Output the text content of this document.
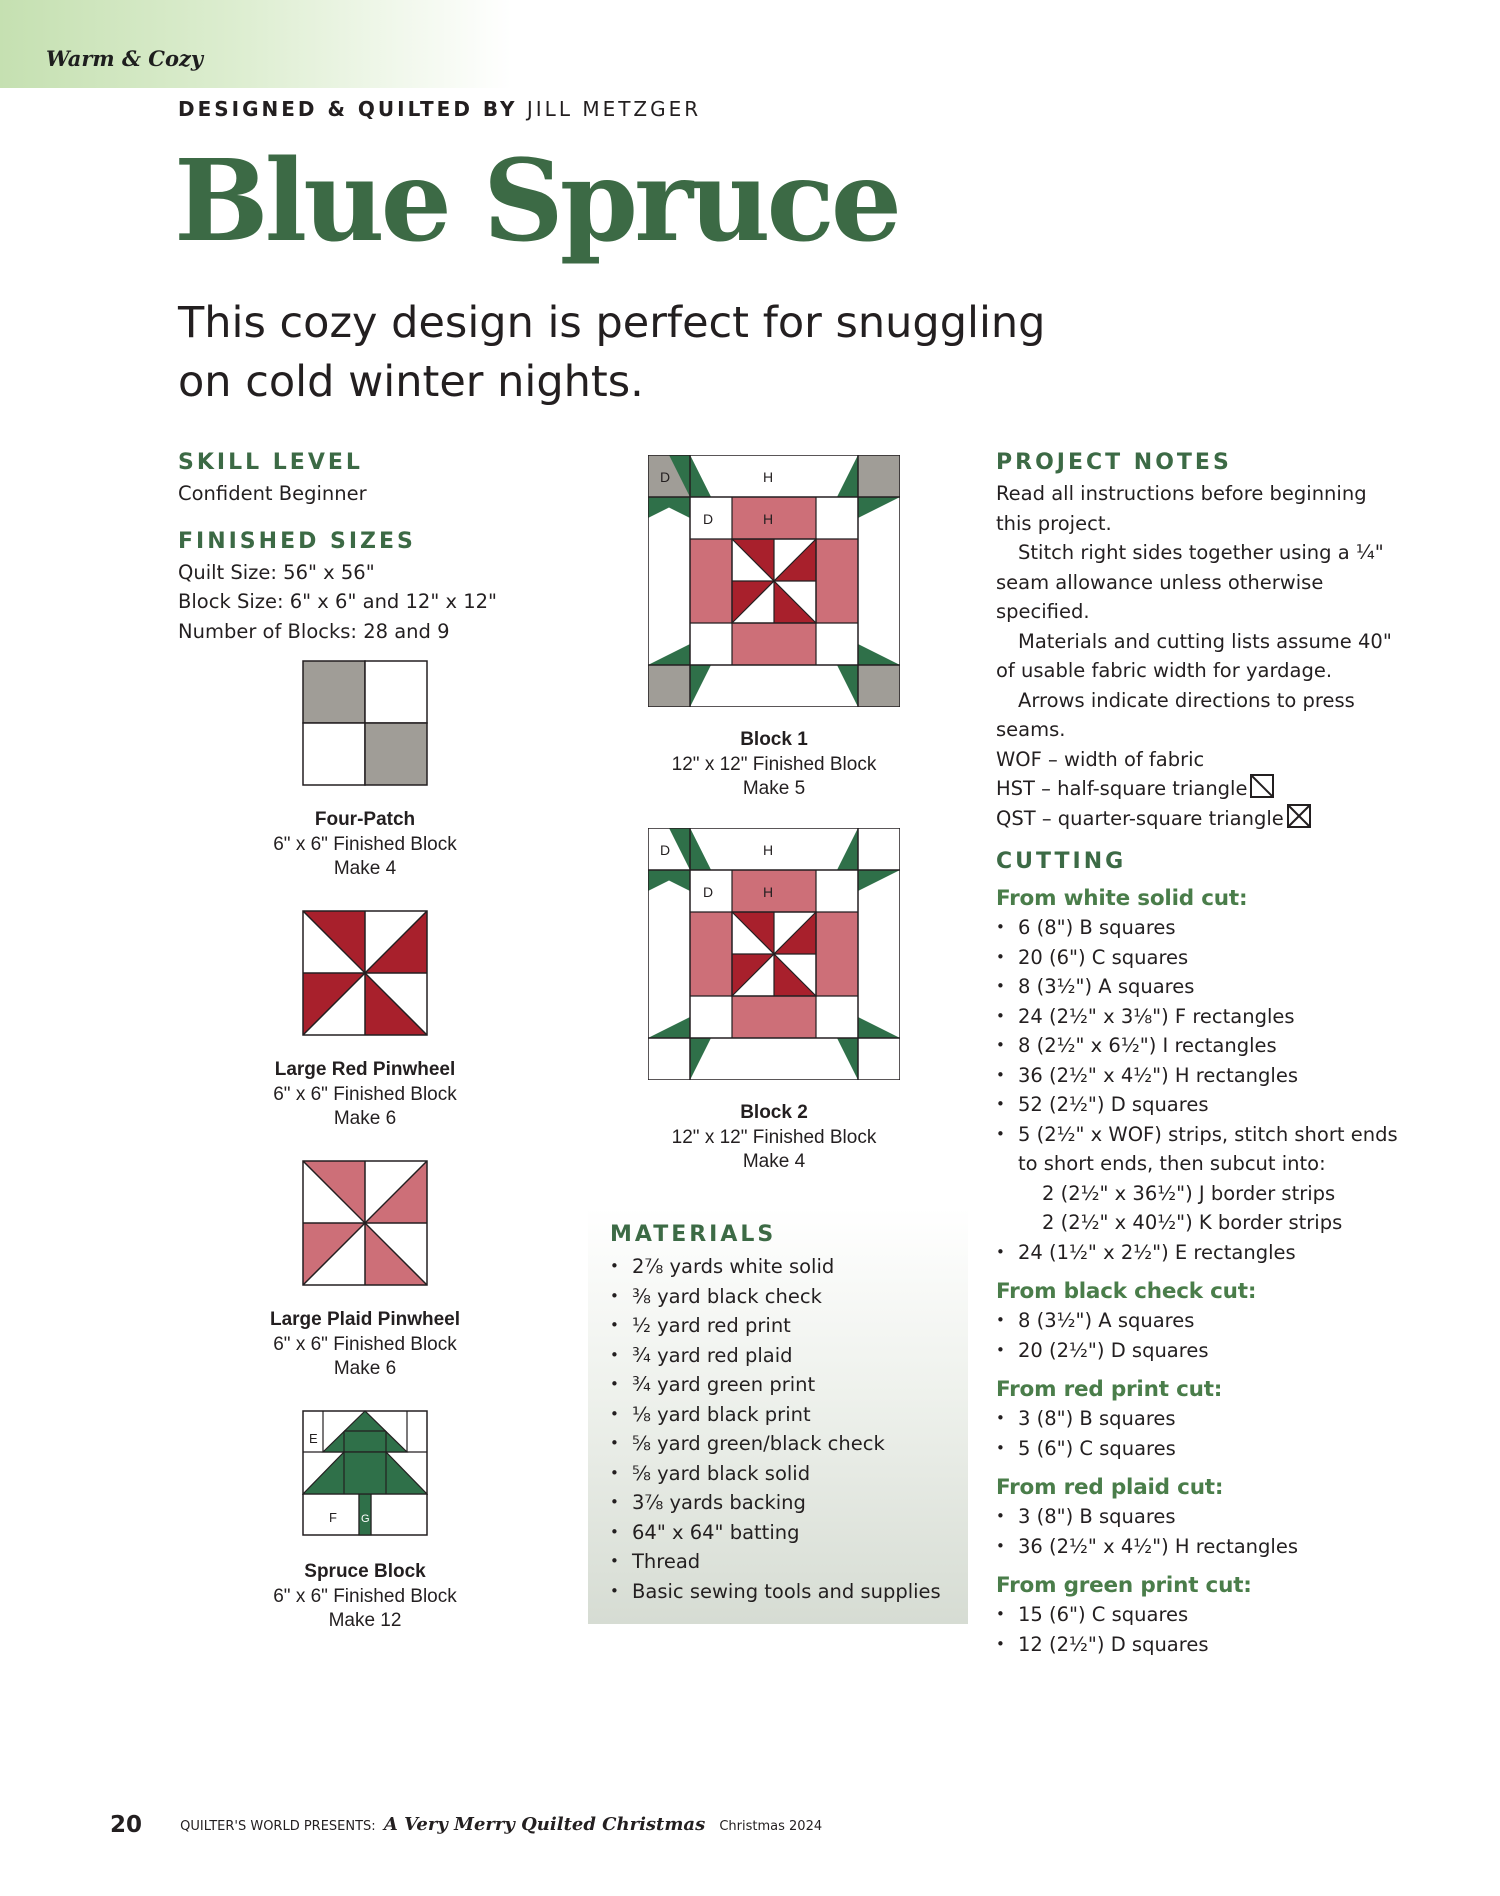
Warm & Cozy
DESIGNED & QUILTED BY JILL METZGER
Blue Spruce
This cozy design is perfect for snuggling on cold winter nights.
SKILL LEVEL
Confident Beginner
FINISHED SIZES
Quilt Size: 56" x 56"
Block Size: 6" x 6" and 12" x 12"
Number of Blocks: 28 and 9
Four-Patch
6" x 6" Finished Block
Make 4
Large Red Pinwheel
6" x 6" Finished Block
Make 6
Large Plaid Pinwheel
6" x 6" Finished Block
Make 6
E
F G
Spruce Block
6" x 6" Finished Block
Make 12
D	H
D	H
Block 1
12" x 12" Finished Block
Make 5
D	H
D	H
Block 2
12" x 12" Finished Block
Make 4
MATERIALS
• 2⅞ yards white solid
• ⅜ yard black check
• ½ yard red print
• ¾ yard red plaid
• ¾ yard green print
• ⅛ yard black print
• ⅝ yard green/black check
• ⅝ yard black solid
• 3⅞ yards backing
• 64" x 64" batting
• Thread
• Basic sewing tools and supplies
PROJECT NOTES

Read all instructions before beginning this project.

Stitch right sides together using a ¼" seam allowance unless otherwise specified.

Materials and cutting lists assume 40" of usable fabric width for yardage.

Arrows indicate directions to press seams.

WOF – width of fabric

HST – half-square triangle

QST – quarter-square triangle

CUTTING
From white solid cut:
• 6 (8") B squares
• 20 (6") C squares
• 8 (3½") A squares
• 24 (2½" x 3⅛") F rectangles
• 8 (2½" x 6½") I rectangles
• 36 (2½" x 4½") H rectangles
• 52 (2½") D squares
• 5 (2½" x WOF) strips, stitch short ends
to short ends, then subcut into:
2 (2½" x 36½") J border strips
2 (2½" x 40½") K border strips
• 24 (1½" x 2½") E rectangles
From black check cut:
• 8 (3½") A squares
• 20 (2½") D squares
From red print cut:
• 3 (8") B squares
• 5 (6") C squares
From red plaid cut:
• 3 (8") B squares
• 36 (2½" x 4½") H rectangles
From green print cut:
• 15 (6") C squares
• 12 (2½") D squares
20	QUILTER'S WORLD PRESENTS: A Very Merry Quilted Christmas Christmas 2024
